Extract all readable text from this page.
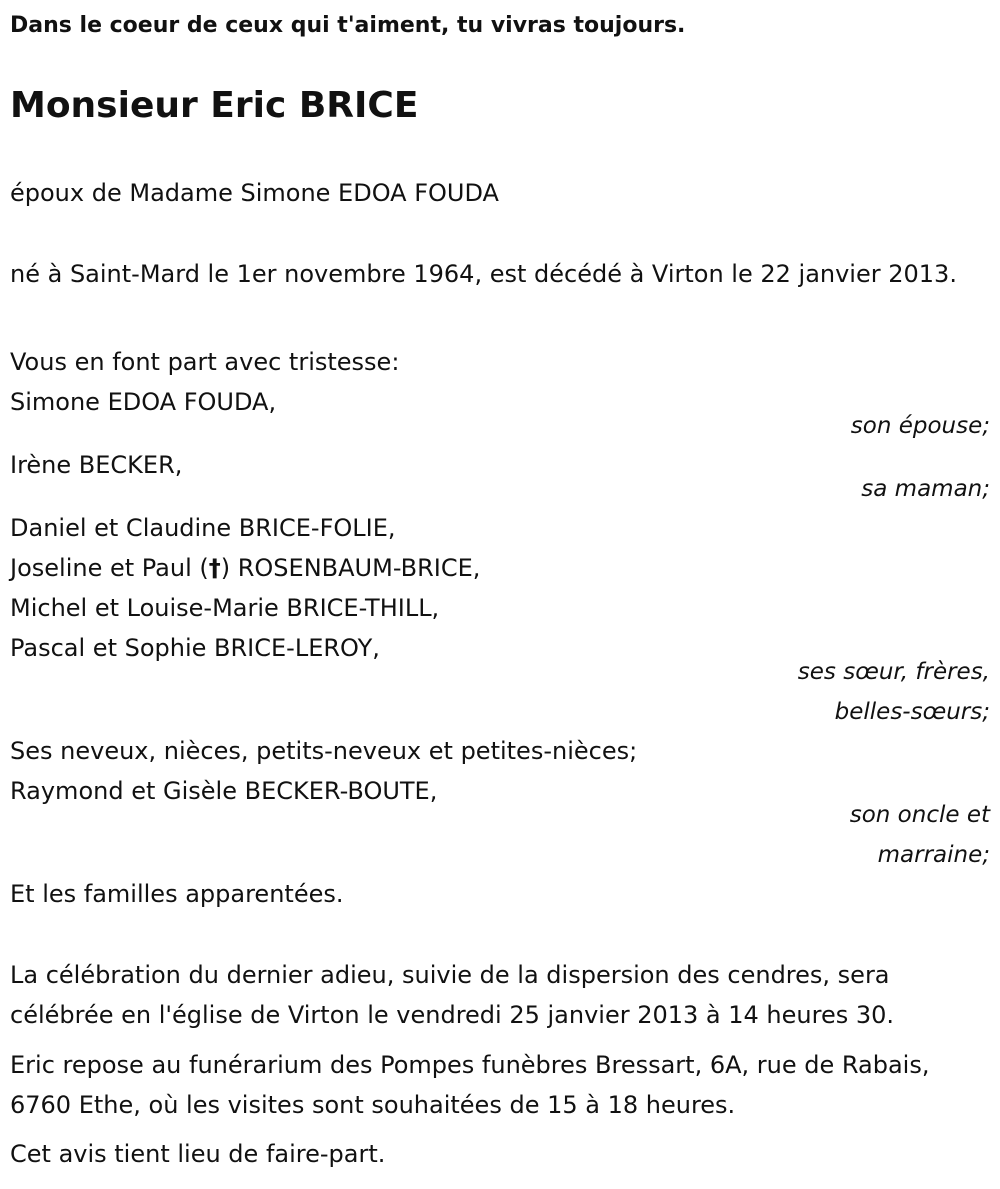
Dans le coeur de ceux qui t'aiment, tu vivras toujours.
Monsieur Eric BRICE
époux de Madame Simone EDOA FOUDA
né à Saint-Mard le 1er novembre 1964, est décédé à Virton le 22 janvier 2013.
Vous en font part avec tristesse:
Simone EDOA FOUDA,
son épouse;
Irène BECKER,
sa maman;
Daniel et Claudine BRICE-FOLIE,
Joseline et Paul (†) ROSENBAUM-BRICE,
Michel et Louise-Marie BRICE-THILL,
Pascal et Sophie BRICE-LEROY,
ses sœur, frères,
belles-sœurs;
Ses neveux, nièces, petits-neveux et petites-nièces;
Raymond et Gisèle BECKER-BOUTE,
son oncle et
marraine;
Et les familles apparentées.
La célébration du dernier adieu, suivie de la dispersion des cendres, sera célébrée en l'église de Virton le vendredi 25 janvier 2013 à 14 heures 30.
Eric repose au funérarium des Pompes funèbres Bressart, 6A, rue de Rabais, 6760 Ethe, où les visites sont souhaitées de 15 à 18 heures.
Cet avis tient lieu de faire-part.
